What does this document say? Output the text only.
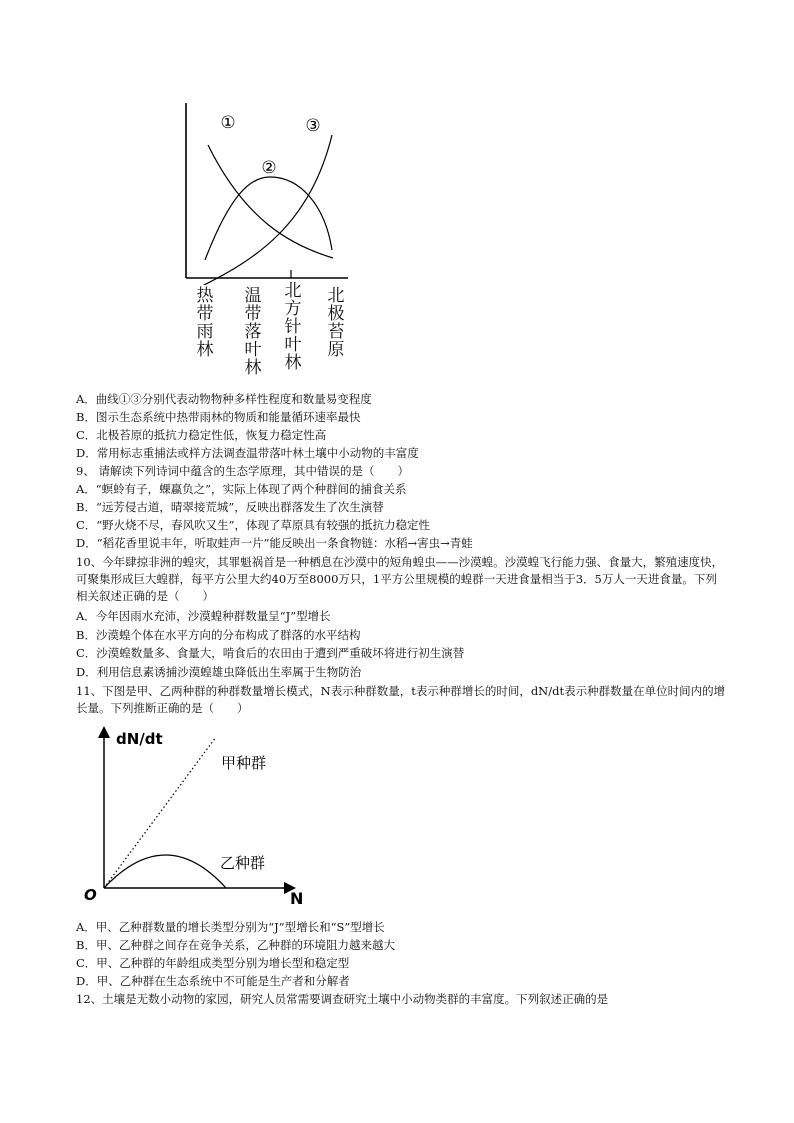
①
②
③
热带雨林
温带落叶林
北方针叶林
北极苔原
A．曲线①③分别代表动物物种多样性程度和数量易变程度
B．图示生态系统中热带雨林的物质和能量循环速率最快
C．北极苔原的抵抗力稳定性低，恢复力稳定性高
D．常用标志重捕法或样方法调查温带落叶林土壤中小动物的丰富度
9、 请解读下列诗词中蕴含的生态学原理，其中错误的是（　　）
A．“螟蛉有子，蜾蠃负之”，实际上体现了两个种群间的捕食关系
B．“远芳侵古道，晴翠接荒城”，反映出群落发生了次生演替
C．“野火烧不尽，春风吹又生”，体现了草原具有较强的抵抗力稳定性
D．“稻花香里说丰年，听取蛙声一片”能反映出一条食物链：水稻→害虫→青蛙
10、今年肆掠非洲的蝗灾，其罪魁祸首是一种栖息在沙漠中的短角蝗虫——沙漠蝗。沙漠蝗飞行能力强、食量大，繁殖速度快，可聚集形成巨大蝗群，每平方公里大约40万至8000万只，1平方公里规模的蝗群一天进食量相当于3．5万人一天进食量。下列相关叙述正确的是（　　）
A．今年因雨水充沛，沙漠蝗种群数量呈“J”型增长
B．沙漠蝗个体在水平方向的分布构成了群落的水平结构
C．沙漠蝗数量多、食量大，啃食后的农田由于遭到严重破坏将进行初生演替
D．利用信息素诱捕沙漠蝗雄虫降低出生率属于生物防治
11、下图是甲、乙两种群的种群数量增长模式，N表示种群数量，t表示种群增长的时间，dN/dt表示种群数量在单位时间内的增长量。下列推断正确的是（　　）
dN/dt
N
O
甲种群
乙种群
A．甲、乙种群数量的增长类型分别为“J”型增长和“S”型增长
B．甲、乙种群之间存在竞争关系，乙种群的环境阻力越来越大
C．甲、乙种群的年龄组成类型分别为增长型和稳定型
D．甲、乙种群在生态系统中不可能是生产者和分解者
12、土壤是无数小动物的家园，研究人员常需要调查研究土壤中小动物类群的丰富度。下列叙述正确的是
